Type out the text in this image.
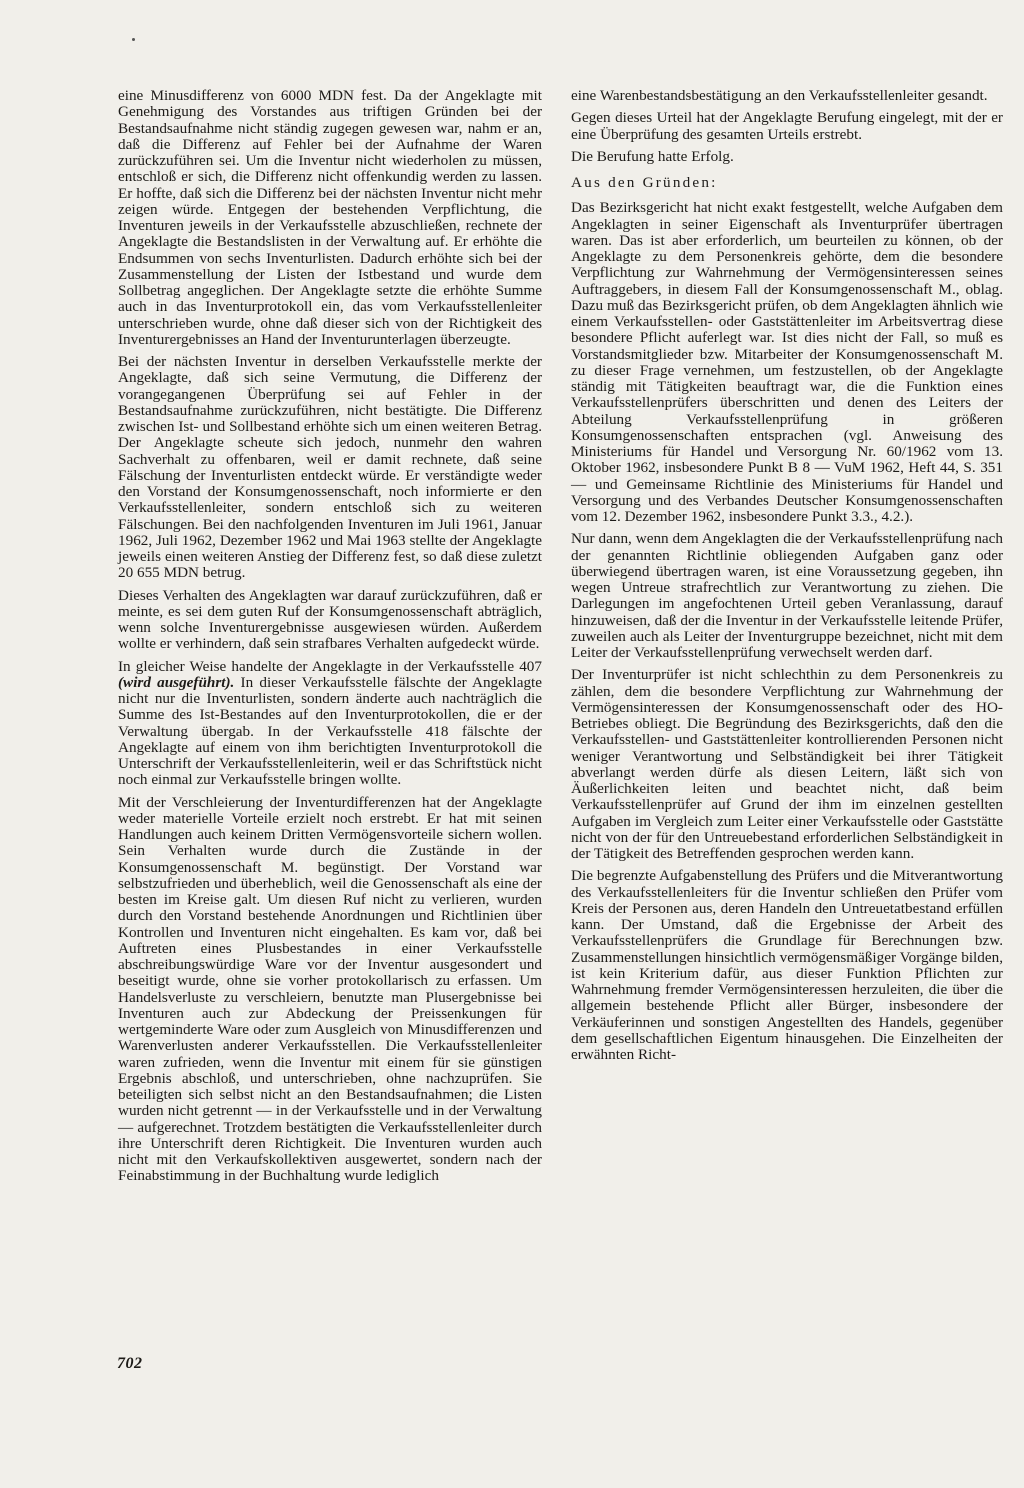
eine Minusdifferenz von 6000 MDN fest. Da der Angeklagte mit Genehmigung des Vorstandes aus triftigen Gründen bei der Bestandsaufnahme nicht ständig zugegen gewesen war, nahm er an, daß die Differenz auf Fehler bei der Aufnahme der Waren zurückzuführen sei. Um die Inventur nicht wiederholen zu müssen, entschloß er sich, die Differenz nicht offenkundig werden zu lassen. Er hoffte, daß sich die Differenz bei der nächsten Inventur nicht mehr zeigen würde. Entgegen der bestehenden Verpflichtung, die Inventuren jeweils in der Verkaufsstelle abzuschließen, rechnete der Angeklagte die Bestandslisten in der Verwaltung auf. Er erhöhte die Endsummen von sechs Inventurlisten. Dadurch erhöhte sich bei der Zusammenstellung der Listen der Istbestand und wurde dem Sollbetrag angeglichen. Der Angeklagte setzte die erhöhte Summe auch in das Inventurprotokoll ein, das vom Verkaufsstellenleiter unterschrieben wurde, ohne daß dieser sich von der Richtigkeit des Inventurergebnisses an Hand der Inventurunterlagen überzeugte.

Bei der nächsten Inventur in derselben Verkaufsstelle merkte der Angeklagte, daß sich seine Vermutung, die Differenz der vorangegangenen Überprüfung sei auf Fehler in der Bestandsaufnahme zurückzuführen, nicht bestätigte. Die Differenz zwischen Ist- und Sollbestand erhöhte sich um einen weiteren Betrag. Der Angeklagte scheute sich jedoch, nunmehr den wahren Sachverhalt zu offenbaren, weil er damit rechnete, daß seine Fälschung der Inventurlisten entdeckt würde. Er verständigte weder den Vorstand der Konsumgenossenschaft, noch informierte er den Verkaufsstellenleiter, sondern entschloß sich zu weiteren Fälschungen. Bei den nachfolgenden Inventuren im Juli 1961, Januar 1962, Juli 1962, Dezember 1962 und Mai 1963 stellte der Angeklagte jeweils einen weiteren Anstieg der Differenz fest, so daß diese zuletzt 20 655 MDN betrug.

Dieses Verhalten des Angeklagten war darauf zurückzuführen, daß er meinte, es sei dem guten Ruf der Konsumgenossenschaft abträglich, wenn solche Inventurergebnisse ausgewiesen würden. Außerdem wollte er verhindern, daß sein strafbares Verhalten aufgedeckt würde.

In gleicher Weise handelte der Angeklagte in der Verkaufsstelle 407 (wird ausgeführt). In dieser Verkaufsstelle fälschte der Angeklagte nicht nur die Inventurlisten, sondern änderte auch nachträglich die Summe des Ist-Bestandes auf den Inventurprotokollen, die er der Verwaltung übergab. In der Verkaufsstelle 418 fälschte der Angeklagte auf einem von ihm berichtigten Inventurprotokoll die Unterschrift der Verkaufsstellenleiterin, weil er das Schriftstück nicht noch einmal zur Verkaufsstelle bringen wollte.

Mit der Verschleierung der Inventurdifferenzen hat der Angeklagte weder materielle Vorteile erzielt noch erstrebt. Er hat mit seinen Handlungen auch keinem Dritten Vermögensvorteile sichern wollen. Sein Verhalten wurde durch die Zustände in der Konsumgenossenschaft M. begünstigt. Der Vorstand war selbstzufrieden und überheblich, weil die Genossenschaft als eine der besten im Kreise galt. Um diesen Ruf nicht zu verlieren, wurden durch den Vorstand bestehende Anordnungen und Richtlinien über Kontrollen und Inventuren nicht eingehalten. Es kam vor, daß bei Auftreten eines Plusbestandes in einer Verkaufsstelle abschreibungswürdige Ware vor der Inventur ausgesondert und beseitigt wurde, ohne sie vorher protokollarisch zu erfassen. Um Handelsverluste zu verschleiern, benutzte man Plusergebnisse bei Inventuren auch zur Abdeckung der Preissenkungen für wertgeminderte Ware oder zum Ausgleich von Minusdifferenzen und Warenverlusten anderer Verkaufsstellen. Die Verkaufsstellenleiter waren zufrieden, wenn die Inventur mit einem für sie günstigen Ergebnis abschloß, und unterschrieben, ohne nachzuprüfen. Sie beteiligten sich selbst nicht an den Bestandsaufnahmen; die Listen wurden nicht getrennt — in der Verkaufsstelle und in der Verwaltung — aufgerechnet. Trotzdem bestätigten die Verkaufsstellenleiter durch ihre Unterschrift deren Richtigkeit. Die Inventuren wurden auch nicht mit den Verkaufskollektiven ausgewertet, sondern nach der Feinabstimmung in der Buchhaltung wurde lediglich

eine Warenbestandsbestätigung an den Verkaufsstellenleiter gesandt.

Gegen dieses Urteil hat der Angeklagte Berufung eingelegt, mit der er eine Überprüfung des gesamten Urteils erstrebt.

Die Berufung hatte Erfolg.

Aus den Gründen:

Das Bezirksgericht hat nicht exakt festgestellt, welche Aufgaben dem Angeklagten in seiner Eigenschaft als Inventurprüfer übertragen waren. Das ist aber erforderlich, um beurteilen zu können, ob der Angeklagte zu dem Personenkreis gehörte, dem die besondere Verpflichtung zur Wahrnehmung der Vermögensinteressen seines Auftraggebers, in diesem Fall der Konsumgenossenschaft M., oblag. Dazu muß das Bezirksgericht prüfen, ob dem Angeklagten ähnlich wie einem Verkaufsstellen- oder Gaststättenleiter im Arbeitsvertrag diese besondere Pflicht auferlegt war. Ist dies nicht der Fall, so muß es Vorstandsmitglieder bzw. Mitarbeiter der Konsumgenossenschaft M. zu dieser Frage vernehmen, um festzustellen, ob der Angeklagte ständig mit Tätigkeiten beauftragt war, die die Funktion eines Verkaufsstellenprüfers überschritten und denen des Leiters der Abteilung Verkaufsstellenprüfung in größeren Konsumgenossenschaften entsprachen (vgl. Anweisung des Ministeriums für Handel und Versorgung Nr. 60/1962 vom 13. Oktober 1962, insbesondere Punkt B 8 — VuM 1962, Heft 44, S. 351 — und Gemeinsame Richtlinie des Ministeriums für Handel und Versorgung und des Verbandes Deutscher Konsumgenossenschaften vom 12. Dezember 1962, insbesondere Punkt 3.3., 4.2.).

Nur dann, wenn dem Angeklagten die der Verkaufsstellenprüfung nach der genannten Richtlinie obliegenden Aufgaben ganz oder überwiegend übertragen waren, ist eine Voraussetzung gegeben, ihn wegen Untreue strafrechtlich zur Verantwortung zu ziehen. Die Darlegungen im angefochtenen Urteil geben Veranlassung, darauf hinzuweisen, daß der die Inventur in der Verkaufsstelle leitende Prüfer, zuweilen auch als Leiter der Inventurgruppe bezeichnet, nicht mit dem Leiter der Verkaufsstellenprüfung verwechselt werden darf.

Der Inventurprüfer ist nicht schlechthin zu dem Personenkreis zu zählen, dem die besondere Verpflichtung zur Wahrnehmung der Vermögensinteressen der Konsumgenossenschaft oder des HO-Betriebes obliegt. Die Begründung des Bezirksgerichts, daß den die Verkaufsstellen- und Gaststättenleiter kontrollierenden Personen nicht weniger Verantwortung und Selbständigkeit bei ihrer Tätigkeit abverlangt werden dürfe als diesen Leitern, läßt sich von Äußerlichkeiten leiten und beachtet nicht, daß beim Verkaufsstellenprüfer auf Grund der ihm im einzelnen gestellten Aufgaben im Vergleich zum Leiter einer Verkaufsstelle oder Gaststätte nicht von der für den Untreuebestand erforderlichen Selbständigkeit in der Tätigkeit des Betreffenden gesprochen werden kann.

Die begrenzte Aufgabenstellung des Prüfers und die Mitverantwortung des Verkaufsstellenleiters für die Inventur schließen den Prüfer vom Kreis der Personen aus, deren Handeln den Untreuetatbestand erfüllen kann. Der Umstand, daß die Ergebnisse der Arbeit des Verkaufsstellenprüfers die Grundlage für Berechnungen bzw. Zusammenstellungen hinsichtlich vermögensmäßiger Vorgänge bilden, ist kein Kriterium dafür, aus dieser Funktion Pflichten zur Wahrnehmung fremder Vermögensinteressen herzuleiten, die über die allgemein bestehende Pflicht aller Bürger, insbesondere der Verkäuferinnen und sonstigen Angestellten des Handels, gegenüber dem gesellschaftlichen Eigentum hinausgehen. Die Einzelheiten der erwähnten Richt-

702
